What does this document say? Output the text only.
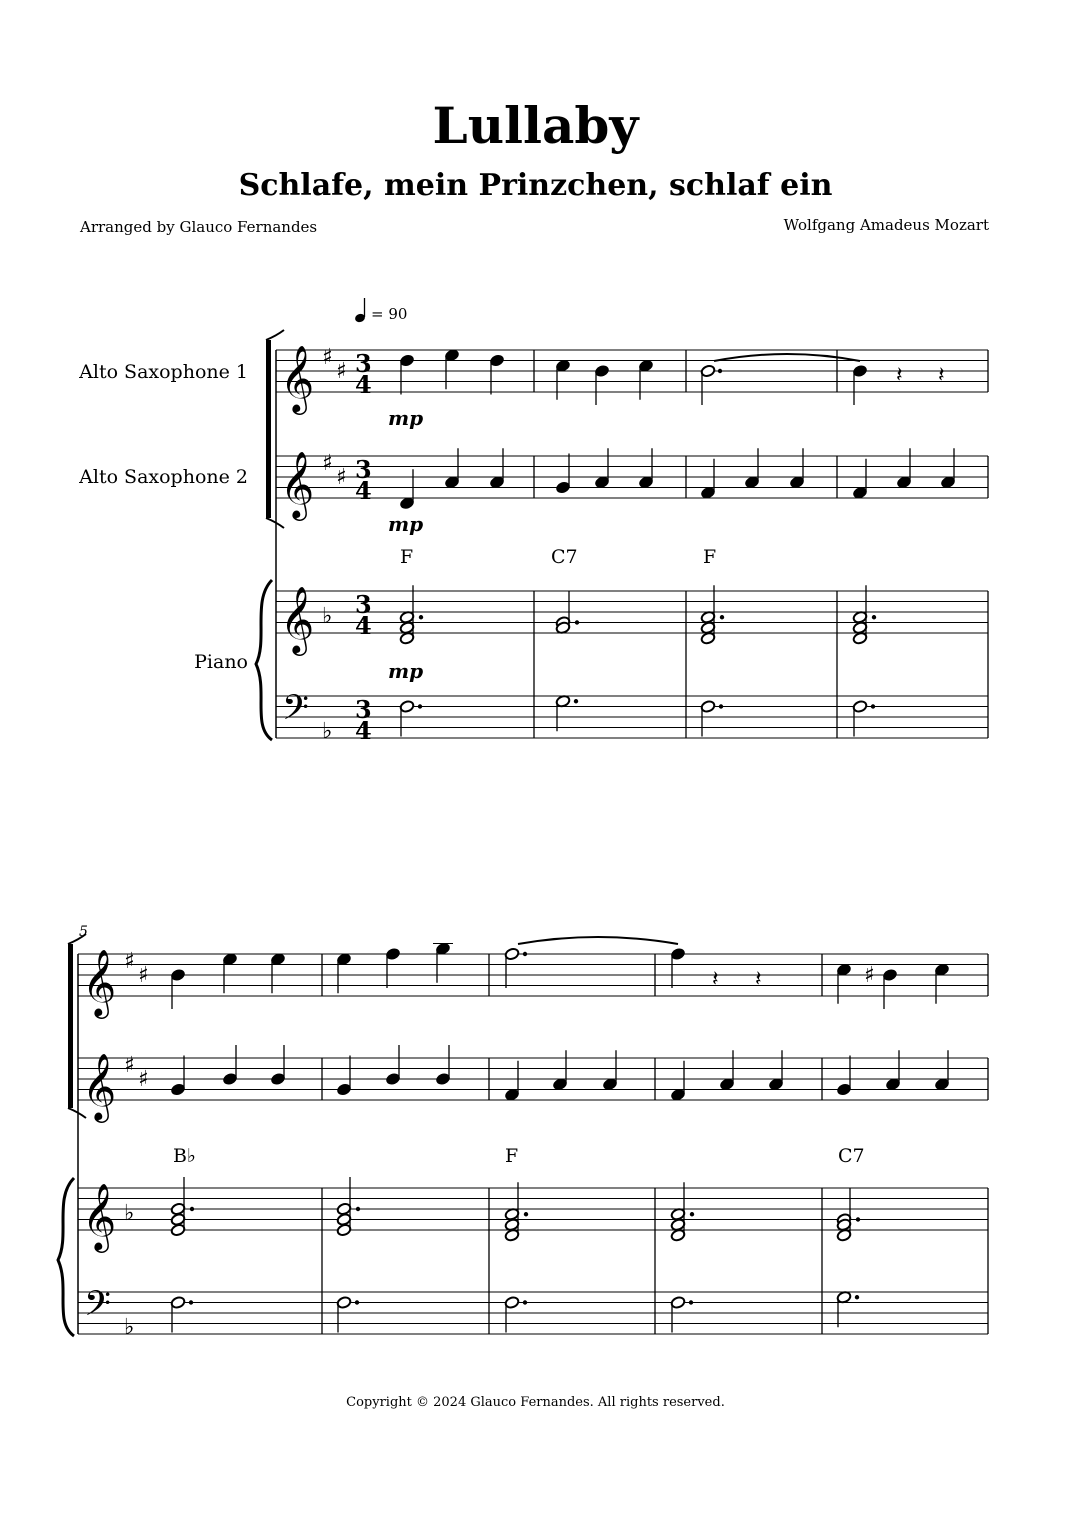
Lullaby
Schlafe, mein Prinzchen, schlaf ein
Arranged by Glauco Fernandes	Wolfgang Amadeus Mozart
= 90
Alto Saxophone 1
Alto Saxophone 2
Piano
𝄞
𝄞
𝄞
𝄢
♯
♯
♯
♯
♭
♭
3
4
3
4
3
4
3
4
𝄽 𝄽
𝄞
𝄞
𝄞
𝄢
♯
♯
♯
♯
♭
♭
𝄽 𝄽	♯
mp
mp
mp
F	C7	F
B♭	F	C7
5
Copyright © 2024 Glauco Fernandes. All rights reserved.
